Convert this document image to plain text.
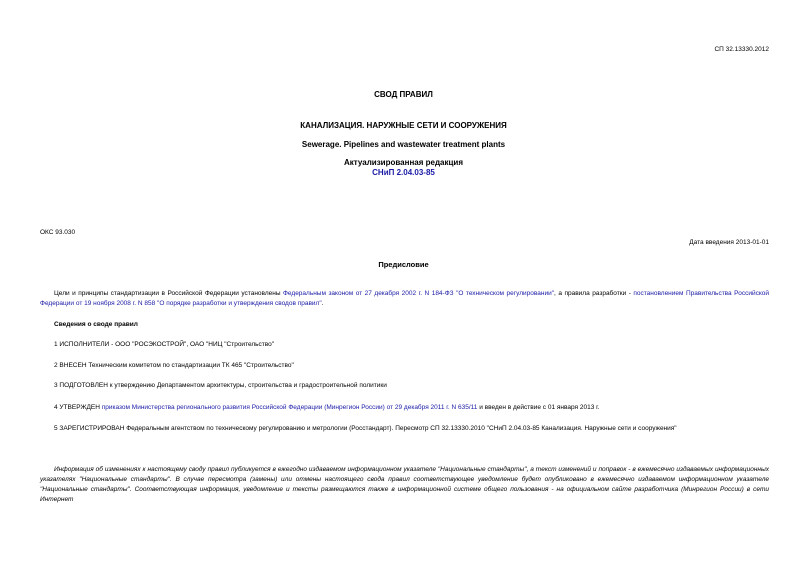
СП 32.13330.2012
СВОД ПРАВИЛ
КАНАЛИЗАЦИЯ. НАРУЖНЫЕ СЕТИ И СООРУЖЕНИЯ
Sewerage. Pipelines and wastewater treatment plants
Актуализированная редакция
СНиП 2.04.03-85
ОКС 93.030
Дата введения 2013-01-01
Предисловие
Цели и принципы стандартизации в Российской Федерации установлены Федеральным законом от 27 декабря 2002 г. N 184-ФЗ "О техническом регулировании", а правила разработки - постановлением Правительства Российской Федерации от 19 ноября 2008 г. N 858 "О порядке разработки и утверждения сводов правил".
Сведения о своде правил
1 ИСПОЛНИТЕЛИ - ООО "РОСЭКОСТРОЙ", ОАО "НИЦ "Строительство"
2 ВНЕСЕН Техническим комитетом по стандартизации ТК 465 "Строительство"
3 ПОДГОТОВЛЕН к утверждению Департаментом архитектуры, строительства и градостроительной политики
4 УТВЕРЖДЕН приказом Министерства регионального развития Российской Федерации (Минрегион России) от 29 декабря 2011 г. N 635/11 и введен в действие с 01 января 2013 г.
5 ЗАРЕГИСТРИРОВАН Федеральным агентством по техническому регулированию и метрологии (Росстандарт). Пересмотр СП 32.13330.2010 "СНиП 2.04.03-85 Канализация. Наружные сети и сооружения"
Информация об изменениях к настоящему своду правил публикуется в ежегодно издаваемом информационном указателе "Национальные стандарты", а текст изменений и поправок - в ежемесячно издаваемых информационных указателях "Национальные стандарты". В случае пересмотра (замены) или отмены настоящего свода правил соответствующее уведомление будет опубликовано в ежемесячно издаваемом информационном указателе "Национальные стандарты". Соответствующая информация, уведомление и тексты размещаются также в информационной системе общего пользования - на официальном сайте разработчика (Минрегион России) в сети Интернет
